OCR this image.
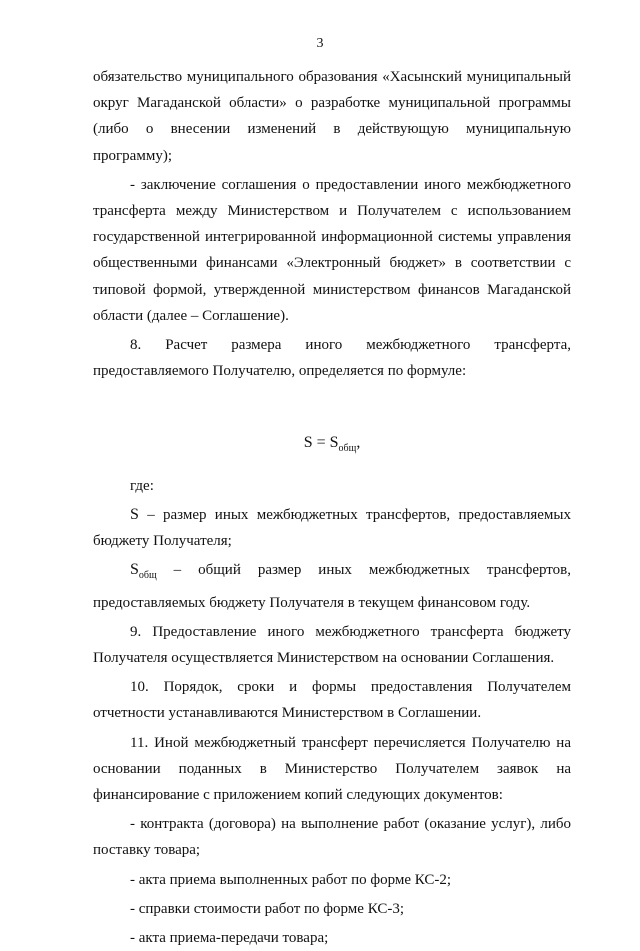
3

обязательство муниципального образования «Хасынский муниципальный округ Магаданской области» о разработке муниципальной программы (либо о внесении изменений в действующую муниципальную программу);

- заключение соглашения о предоставлении иного межбюджетного трансферта между Министерством и Получателем с использованием государственной интегрированной информационной системы управления общественными финансами «Электронный бюджет» в соответствии с типовой формой, утвержденной министерством финансов Магаданской области (далее – Соглашение).

8. Расчет размера иного межбюджетного трансферта, предоставляемого Получателю, определяется по формуле:

$S = S_{общ}$,

где:

S – размер иных межбюджетных трансфертов, предоставляемых бюджету Получателя;

$S_{общ}$ – общий размер иных межбюджетных трансфертов, предоставляемых бюджету Получателя в текущем финансовом году.

9. Предоставление иного межбюджетного трансферта бюджету Получателя осуществляется Министерством на основании Соглашения.

10. Порядок, сроки и формы предоставления Получателем отчетности устанавливаются Министерством в Соглашении.

11. Иной межбюджетный трансферт перечисляется Получателю на основании поданных в Министерство Получателем заявок на финансирование с приложением копий следующих документов:

- контракта (договора) на выполнение работ (оказание услуг), либо поставку товара;

- акта приема выполненных работ по форме КС-2;

- справки стоимости работ по форме КС-3;

- акта приема-передачи товара;
